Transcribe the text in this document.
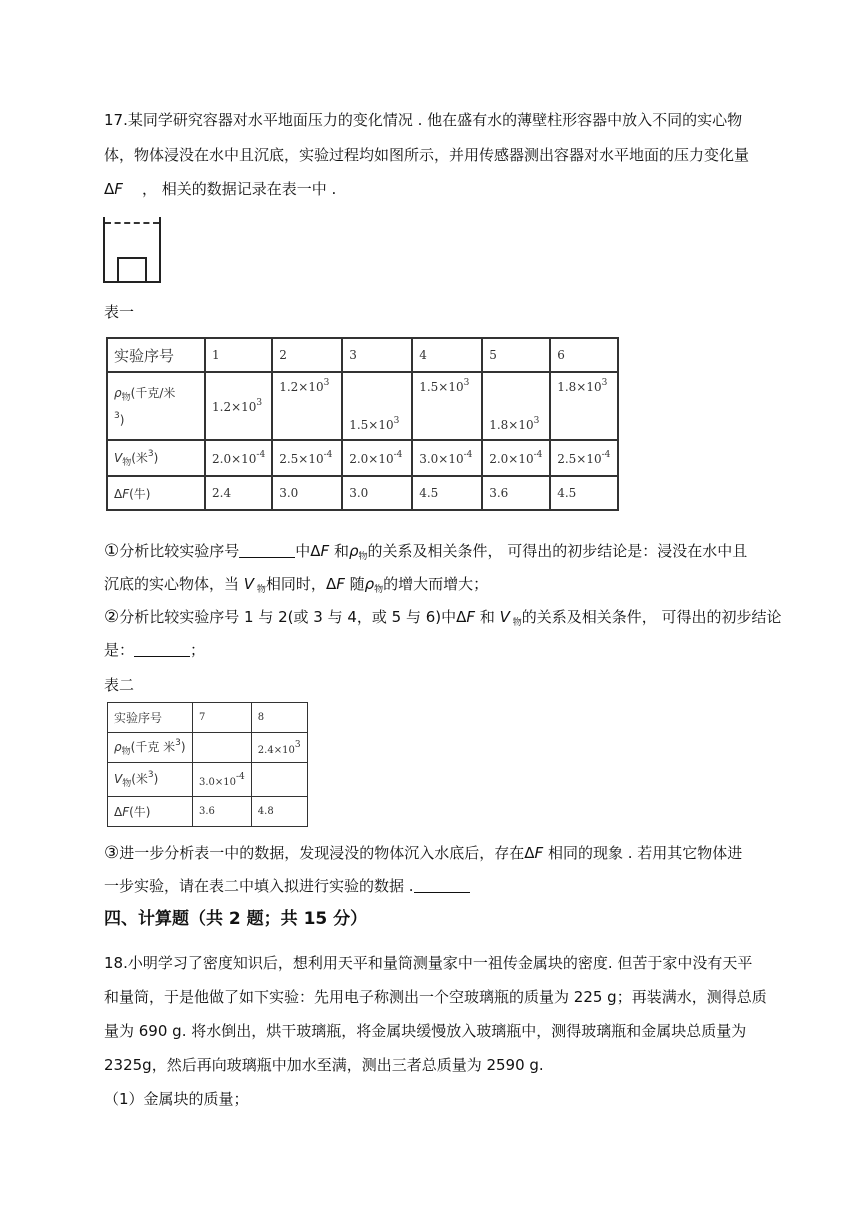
17.某同学研究容器对水平地面压力的变化情况 . 他在盛有水的薄壁柱形容器中放入不同的实心物
体，物体浸没在水中且沉底，实验过程均如图所示，并用传感器测出容器对水平地面的压力变化量
ΔF ， 相关的数据记录在表一中 .
表一
实验序号	1	2	3	4	5	6
$\rho_物$(千克/米
$^3$)	$1.2\times 10^3$	$1.2\times 10^3$	$1.5\times 10^3$	$1.5\times 10^3$	$1.8\times 10^3$	$1.8\times 10^3$
$V_物$(米$^3$)	$2.0\times 10^{-4}$	$2.5\times 10^{-4}$	$2.0\times 10^{-4}$	$3.0\times 10^{-4}$	$2.0\times 10^{-4}$	$2.5\times 10^{-4}$
ΔF(牛)	2.4	3.0	3.0	4.5	3.6	4.5
①分析比较实验序号	中ΔF 和$\rho_物$的关系及相关条件， 可得出的初步结论是：浸没在水中且
沉底的实心物体，当 V $_物$相同时，ΔF 随$\rho_物$的增大而增大；
②分析比较实验序号 1 与 2(或 3 与 4，或 5 与 6)中ΔF 和 V $_物$的关系及相关条件， 可得出的初步结论
是：	；
表二
实验序号	7	8
$\rho_物$(千克 米$^3$)		2.4×103
$V_物$(米$^3$)	3.0×10-4	
ΔF(牛)	3.6	4.8
③进一步分析表一中的数据，发现浸没的物体沉入水底后，存在ΔF 相同的现象 . 若用其它物体进
一步实验，请在表二中填入拟进行实验的数据 .
四、计算题（共 2 题；共 15 分）
18.小明学习了密度知识后，想利用天平和量筒测量家中一祖传金属块的密度. 但苦于家中没有天平
和量筒，于是他做了如下实验：先用电子称测出一个空玻璃瓶的质量为 225 g；再装满水，测得总质
量为 690 g. 将水倒出，烘干玻璃瓶，将金属块缓慢放入玻璃瓶中，测得玻璃瓶和金属块总质量为
2325g，然后再向玻璃瓶中加水至满，测出三者总质量为 2590 g.
（1）金属块的质量；
